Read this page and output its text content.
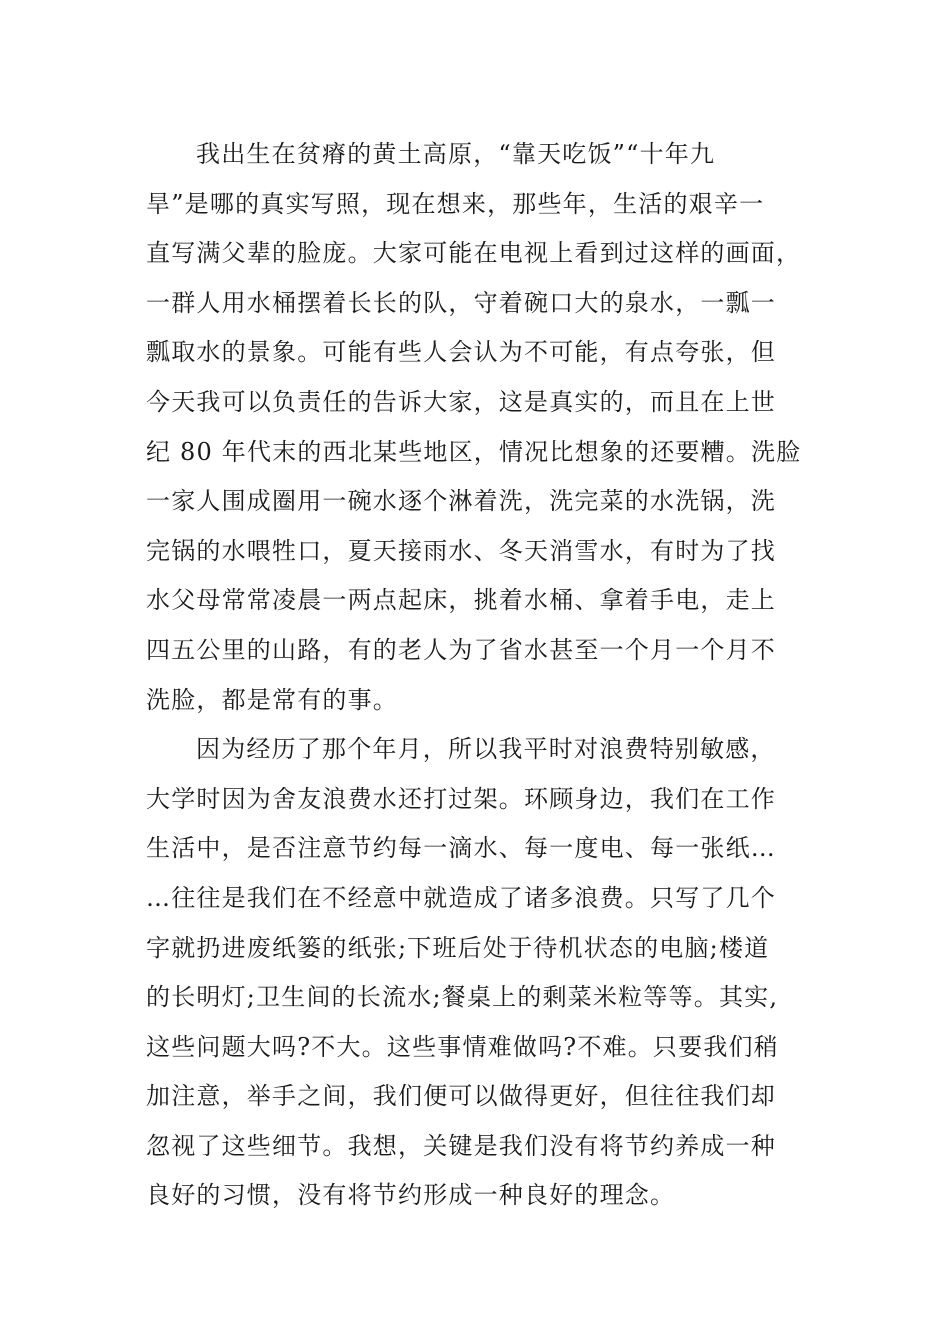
我出生在贫瘠的黄土高原，“靠天吃饭”“十年九
旱”是哪的真实写照，现在想来，那些年，生活的艰辛一
直写满父辈的脸庞。大家可能在电视上看到过这样的画面，
一群人用水桶摆着长长的队，守着碗口大的泉水，一瓢一
瓢取水的景象。可能有些人会认为不可能，有点夸张，但
今天我可以负责任的告诉大家，这是真实的，而且在上世
纪 80 年代末的西北某些地区，情况比想象的还要糟。洗脸
一家人围成圈用一碗水逐个淋着洗，洗完菜的水洗锅，洗
完锅的水喂牲口，夏天接雨水、冬天消雪水，有时为了找
水父母常常凌晨一两点起床，挑着水桶、拿着手电，走上
四五公里的山路，有的老人为了省水甚至一个月一个月不
洗脸，都是常有的事。
因为经历了那个年月，所以我平时对浪费特别敏感，
大学时因为舍友浪费水还打过架。环顾身边，我们在工作
生活中，是否注意节约每一滴水、每一度电、每一张纸…
…往往是我们在不经意中就造成了诸多浪费。只写了几个
字就扔进废纸篓的纸张;下班后处于待机状态的电脑;楼道
的长明灯;卫生间的长流水;餐桌上的剩菜米粒等等。其实,
这些问题大吗?不大。这些事情难做吗?不难。只要我们稍
加注意，举手之间，我们便可以做得更好，但往往我们却
忽视了这些细节。我想，关键是我们没有将节约养成一种
良好的习惯，没有将节约形成一种良好的理念。
